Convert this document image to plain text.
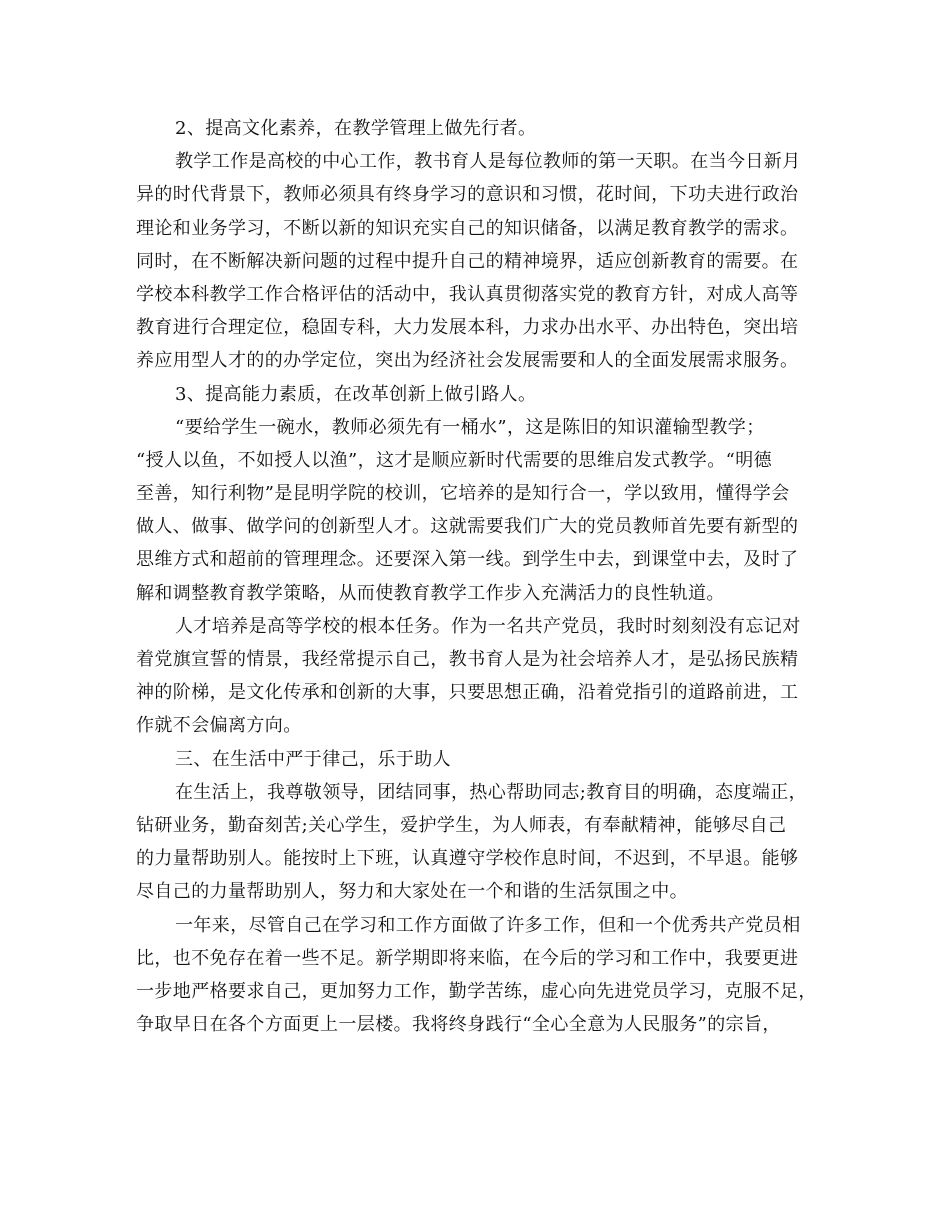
2、提高文化素养，在教学管理上做先行者。
教学工作是高校的中心工作，教书育人是每位教师的第一天职。在当今日新月
异的时代背景下，教师必须具有终身学习的意识和习惯，花时间，下功夫进行政治
理论和业务学习，不断以新的知识充实自己的知识储备，以满足教育教学的需求。
同时，在不断解决新问题的过程中提升自己的精神境界，适应创新教育的需要。在
学校本科教学工作合格评估的活动中，我认真贯彻落实党的教育方针，对成人高等
教育进行合理定位，稳固专科，大力发展本科，力求办出水平、办出特色，突出培
养应用型人才的的办学定位，突出为经济社会发展需要和人的全面发展需求服务。
3、提高能力素质，在改革创新上做引路人。
“要给学生一碗水，教师必须先有一桶水”，这是陈旧的知识灌输型教学；
“授人以鱼，不如授人以渔”，这才是顺应新时代需要的思维启发式教学。“明德
至善，知行利物”是昆明学院的校训，它培养的是知行合一，学以致用，懂得学会
做人、做事、做学问的创新型人才。这就需要我们广大的党员教师首先要有新型的
思维方式和超前的管理理念。还要深入第一线。到学生中去，到课堂中去，及时了
解和调整教育教学策略，从而使教育教学工作步入充满活力的良性轨道。
人才培养是高等学校的根本任务。作为一名共产党员，我时时刻刻没有忘记对
着党旗宣誓的情景，我经常提示自己，教书育人是为社会培养人才，是弘扬民族精
神的阶梯，是文化传承和创新的大事，只要思想正确，沿着党指引的道路前进，工
作就不会偏离方向。
三、在生活中严于律己，乐于助人
在生活上，我尊敬领导，团结同事，热心帮助同志;教育目的明确，态度端正，
钻研业务，勤奋刻苦;关心学生，爱护学生，为人师表，有奉献精神，能够尽自己
的力量帮助别人。能按时上下班，认真遵守学校作息时间，不迟到，不早退。能够
尽自己的力量帮助别人，努力和大家处在一个和谐的生活氛围之中。
一年来，尽管自己在学习和工作方面做了许多工作，但和一个优秀共产党员相
比，也不免存在着一些不足。新学期即将来临，在今后的学习和工作中，我要更进
一步地严格要求自己，更加努力工作，勤学苦练，虚心向先进党员学习，克服不足，
争取早日在各个方面更上一层楼。我将终身践行“全心全意为人民服务”的宗旨，
